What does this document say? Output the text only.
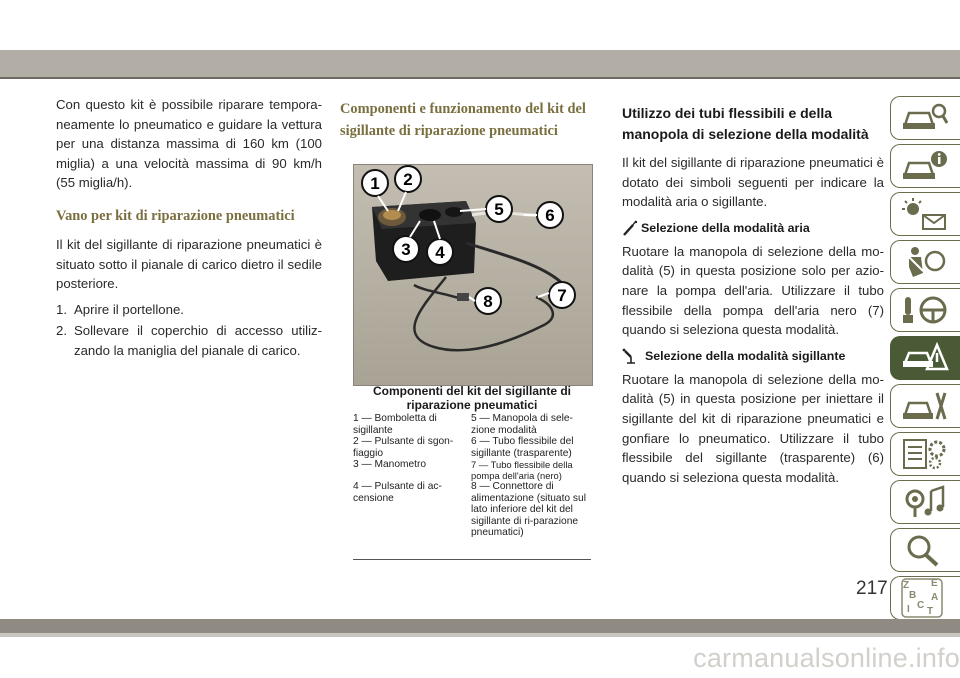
Con questo kit è possibile riparare tempora-neamente lo pneumatico e guidare la vettura per una distanza massima di 160 km (100 miglia) a una velocità massima di 90 km/h (55 miglia/h).

Vano per kit di riparazione pneumatici

Il kit del sigillante di riparazione pneumatici è situato sotto il pianale di carico dietro il sedile posteriore.

1. Aprire il portellone.
2. Sollevare il coperchio di accesso utiliz-zando la maniglia del pianale di carico.

Componenti e funzionamento del kit del sigillante di riparazione pneumatici

1 2
3 4
5 6
7
8
Componenti del kit del sigillante di riparazione pneumatici
1 — Bomboletta di sigillante
5 — Manopola di sele-zione modalità
2 — Pulsante di sgon-fiaggio
6 — Tubo flessibile del sigillante (trasparente)
3 — Manometro	7 — Tubo flessibile della pompa dell'aria (nero)
4 — Pulsante di ac-censione
8 — Connettore di alimentazione (situato sul lato inferiore del kit del sigillante di ri-parazione pneumatici)

Utilizzo dei tubi flessibili e della manopola di selezione della modalità

Il kit del sigillante di riparazione pneumatici è dotato dei simboli seguenti per indicare la modalità aria o sigillante.

Selezione della modalità aria

Ruotare la manopola di selezione della mo-dalità (5) in questa posizione solo per azio-nare la pompa dell'aria. Utilizzare il tubo flessibile della pompa dell'aria nero (7) quando si seleziona questa modalità.

Selezione della modalità sigillante

Ruotare la manopola di selezione della mo-dalità (5) in questa posizione per iniettare il sigillante del kit di riparazione pneumatici e gonfiare lo pneumatico. Utilizzare il tubo flessibile del sigillante (trasparente) (6) quando si seleziona questa modalità.

Z E
B A
C
I T
217
carmanualsonline.info
